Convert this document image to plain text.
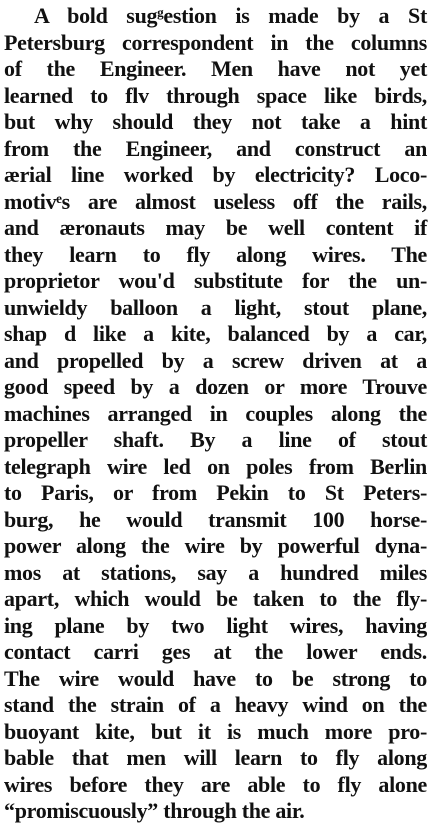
A bold sugᵍestion is made by a St
Petersburg correspondent in the columns
of the Engineer. Men have not yet
learned to flv through space like birds,
but why should they not take a hint
from the Engineer, and construct an
ærial line worked by electricity? Loco-
motivᵉs are almost useless off the rails,
and æronauts may be well content if
they learn to fly along wires. The
proprietor wou'd substitute for the un-
unwieldy balloon a light, stout plane,
shap d like a kite, balanced by a car,
and propelled by a screw driven at a
good speed by a dozen or more Trouve
machines arranged in couples along the
propeller shaft. By a line of stout
telegraph wire led on poles from Berlin
to Paris, or from Pekin to St Peters-
burg, he would transmit 100 horse-
power along the wire by powerful dyna-
mos at stations, say a hundred miles
apart, which would be taken to the fly-
ing plane by two light wires, having
contact carri ges at the lower ends.
The wire would have to be strong to
stand the strain of a heavy wind on the
buoyant kite, but it is much more pro-
bable that men will learn to fly along
wires before they are able to fly alone
“promiscuously” through the air.
